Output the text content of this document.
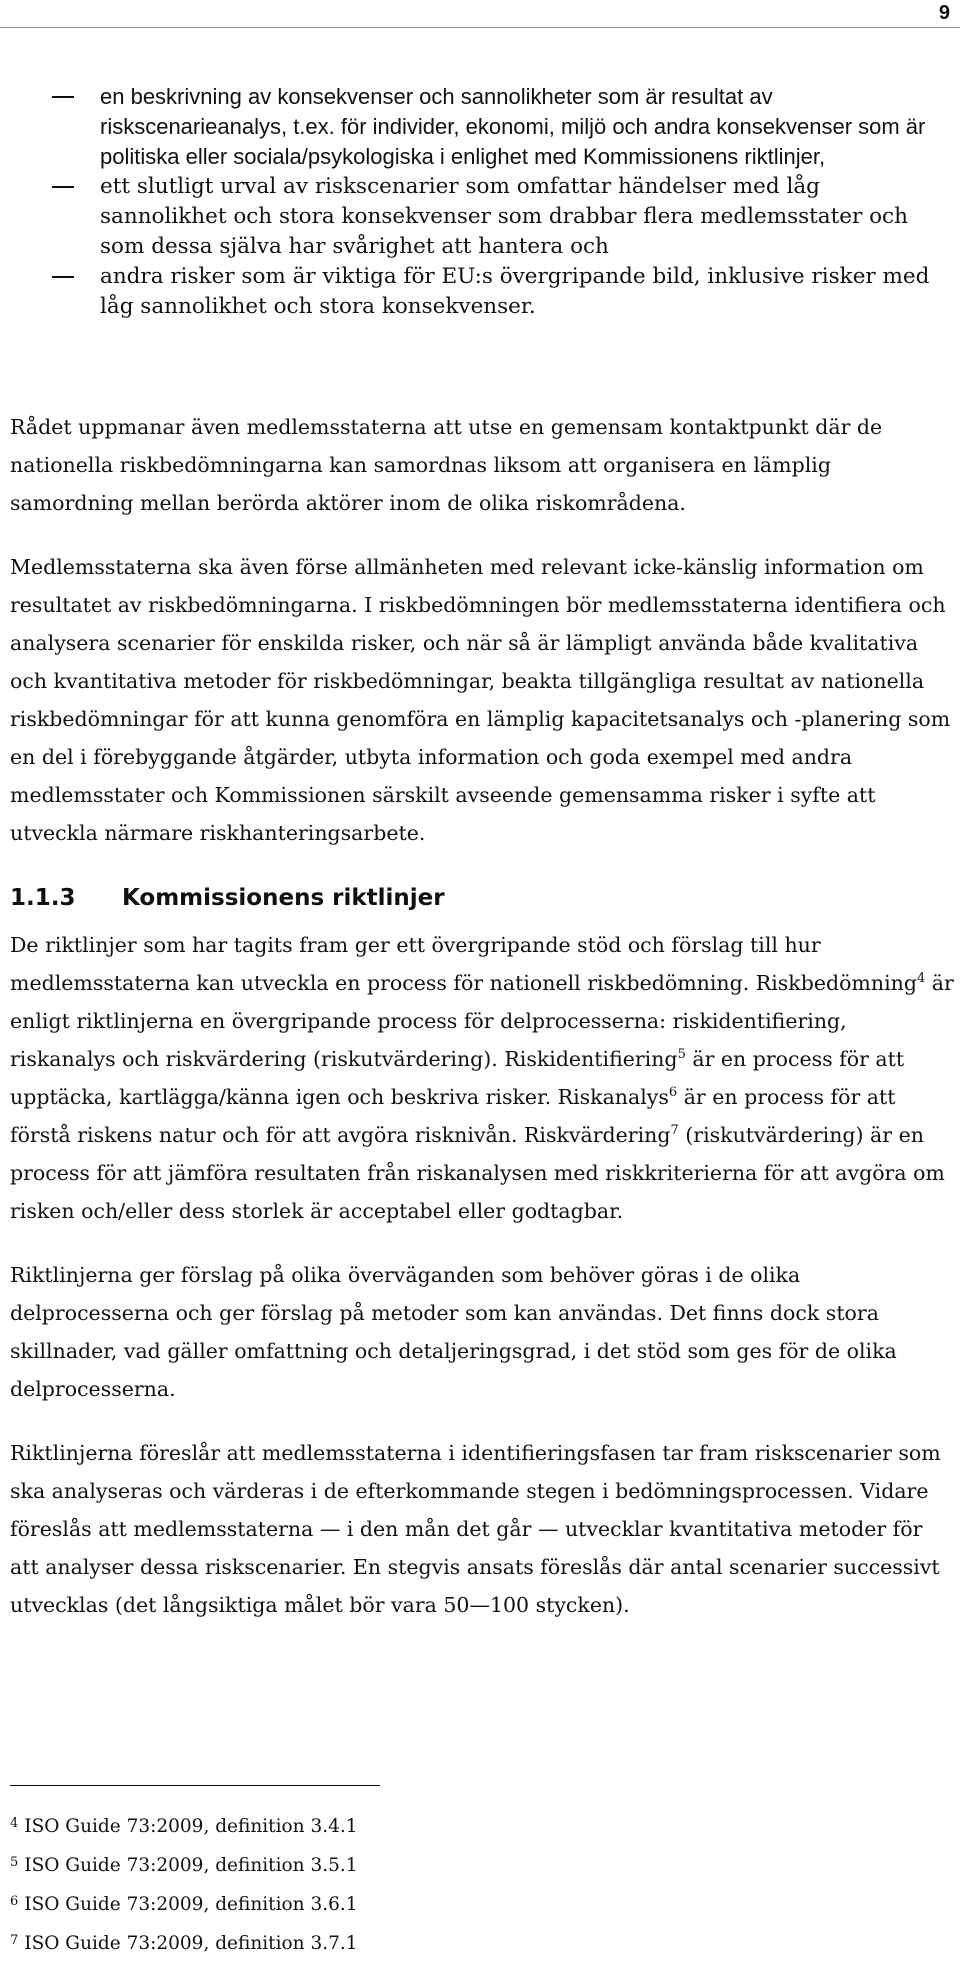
9
en beskrivning av konsekvenser och sannolikheter som är resultat av riskscenarieanalys, t.ex. för individer, ekonomi, miljö och andra konsekvenser som är politiska eller sociala/psykologiska i enlighet med Kommissionens riktlinjer,
ett slutligt urval av riskscenarier som omfattar händelser med låg sannolikhet och stora konsekvenser som drabbar flera medlemsstater och som dessa själva har svårighet att hantera och
andra risker som är viktiga för EU:s övergripande bild, inklusive risker med låg sannolikhet och stora konsekvenser.

Rådet uppmanar även medlemsstaterna att utse en gemensam kontaktpunkt där de nationella riskbedömningarna kan samordnas liksom att organisera en lämplig samordning mellan berörda aktörer inom de olika riskområdena.

Medlemsstaterna ska även förse allmänheten med relevant icke-känslig information om resultatet av riskbedömningarna. I riskbedömningen bör medlemsstaterna identifiera och analysera scenarier för enskilda risker, och när så är lämpligt använda både kvalitativa och kvantitativa metoder för riskbedömningar, beakta tillgängliga resultat av nationella riskbedömningar för att kunna genomföra en lämplig kapacitetsanalys och -planering som en del i förebyggande åtgärder, utbyta information och goda exempel med andra medlemsstater och Kommissionen särskilt avseende gemensamma risker i syfte att utveckla närmare riskhanteringsarbete.

1.1.3 Kommissionens riktlinjer

De riktlinjer som har tagits fram ger ett övergripande stöd och förslag till hur medlemsstaterna kan utveckla en process för nationell riskbedömning. Riskbedömning$^4$ är enligt riktlinjerna en övergripande process för delprocesserna: riskidentifiering, riskanalys och riskvärdering (riskutvärdering). Riskidentifiering$^5$ är en process för att upptäcka, kartlägga/känna igen och beskriva risker. Riskanalys$^6$ är en process för att förstå riskens natur och för att avgöra risknivån. Riskvärdering$^7$ (riskutvärdering) är en process för att jämföra resultaten från riskanalysen med riskkriterierna för att avgöra om risken och/eller dess storlek är acceptabel eller godtagbar.

Riktlinjerna ger förslag på olika överväganden som behöver göras i de olika delprocesserna och ger förslag på metoder som kan användas. Det finns dock stora skillnader, vad gäller omfattning och detaljeringsgrad, i det stöd som ges för de olika delprocesserna.

Riktlinjerna föreslår att medlemsstaterna i identifieringsfasen tar fram riskscenarier som ska analyseras och värderas i de efterkommande stegen i bedömningsprocessen. Vidare föreslås att medlemsstaterna — i den mån det går — utvecklar kvantitativa metoder för att analyser dessa riskscenarier. En stegvis ansats föreslås där antal scenarier successivt utvecklas (det långsiktiga målet bör vara 50—100 stycken).

$^4$ ISO Guide 73:2009, definition 3.4.1
$^5$ ISO Guide 73:2009, definition 3.5.1
$^6$ ISO Guide 73:2009, definition 3.6.1
$^7$ ISO Guide 73:2009, definition 3.7.1
